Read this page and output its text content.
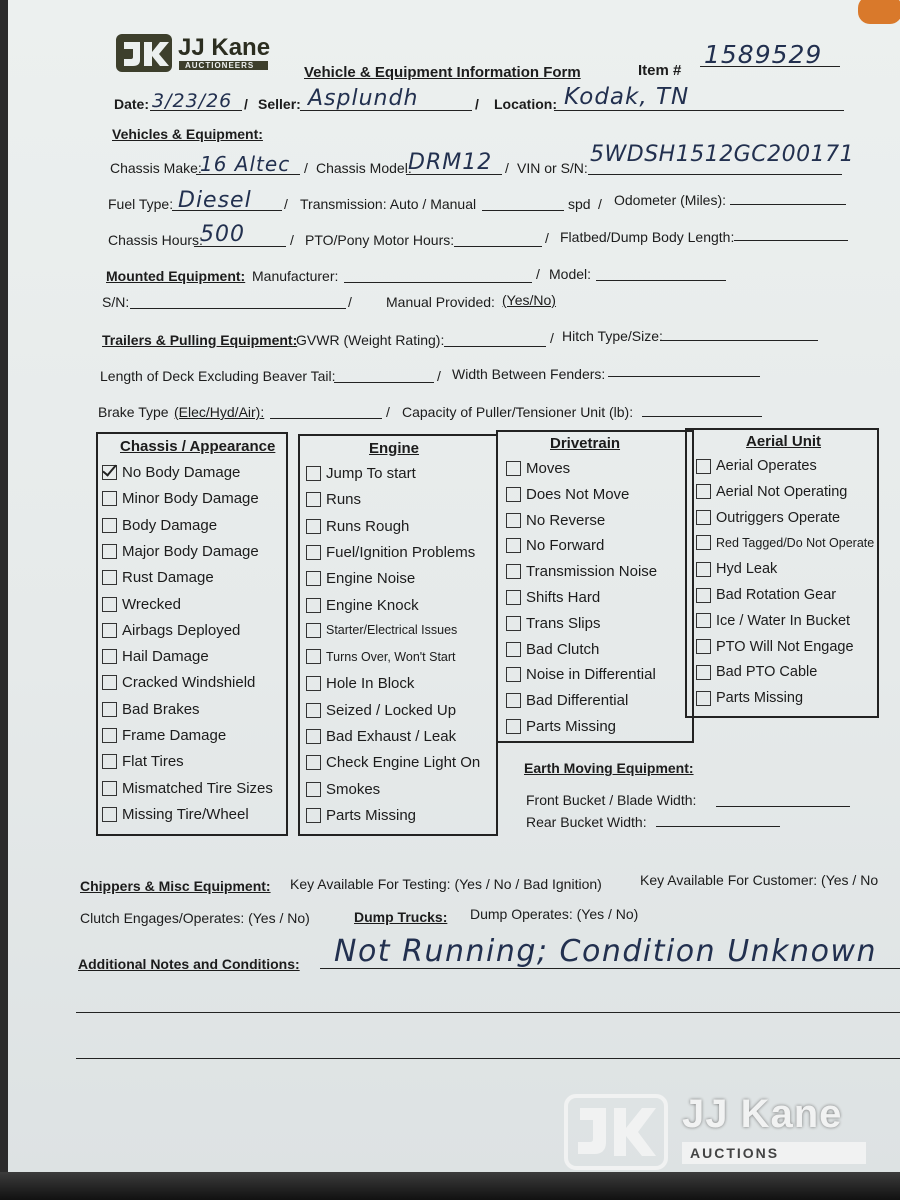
JJ Kane
AUCTIONEERS	Vehicle & Equipment Information Form	Item #
1589529
Date: 3/23/26 / Seller: Asplundh	/ Location: Kodak, TN
Vehicles & Equipment:
Chassis Make:
16 Altec / Chassis Model:
DRM12 / VIN or S/N:
5WDSH1512GC200171
Fuel Type: Diesel / Transmission: Auto / Manual	spd / Odometer (Miles):
Chassis Hours:
500	/ PTO/Pony Motor Hours:	/ Flatbed/Dump Body Length:
Mounted Equipment: Manufacturer:	/ Model:
S/N:	/ Manual Provided: (Yes/No)
Trailers & Pulling Equipment:
GVWR (Weight Rating):	/ Hitch Type/Size:
Length of Deck Excluding Beaver Tail:	/ Width Between Fenders:
Brake Type (Elec/Hyd/Air):	/ Capacity of Puller/Tensioner Unit (lb):
Chassis / Appearance
No Body Damage
Minor Body Damage
Body Damage
Major Body Damage
Rust Damage
Wrecked
Airbags Deployed
Hail Damage
Cracked Windshield
Bad Brakes
Frame Damage
Flat Tires
Mismatched Tire Sizes
Missing Tire/Wheel
Engine
Jump To start
Runs
Runs Rough
Fuel/Ignition Problems
Engine Noise
Engine Knock
Starter/Electrical Issues
Turns Over, Won't Start
Hole In Block
Seized / Locked Up
Bad Exhaust / Leak
Check Engine Light On
Smokes
Parts Missing
Drivetrain
Moves
Does Not Move
No Reverse
No Forward
Transmission Noise
Shifts Hard
Trans Slips
Bad Clutch
Noise in Differential
Bad Differential
Parts Missing
Aerial Unit
Aerial Operates
Aerial Not Operating
Outriggers Operate
Red Tagged/Do Not Operate
Hyd Leak
Bad Rotation Gear
Ice / Water In Bucket
PTO Will Not Engage
Bad PTO Cable
Parts Missing
Earth Moving Equipment:
Front Bucket / Blade Width:
Rear Bucket Width:
Chippers & Misc Equipment: Key Available For Testing: (Yes / No / Bad Ignition)	Key Available For Customer: (Yes / No
Clutch Engages/Operates: (Yes / No)	Dump Trucks: Dump Operates: (Yes / No)
Additional Notes and Conditions: Not Running; Condition Unknown
JJ Kane
AUCTIONS
